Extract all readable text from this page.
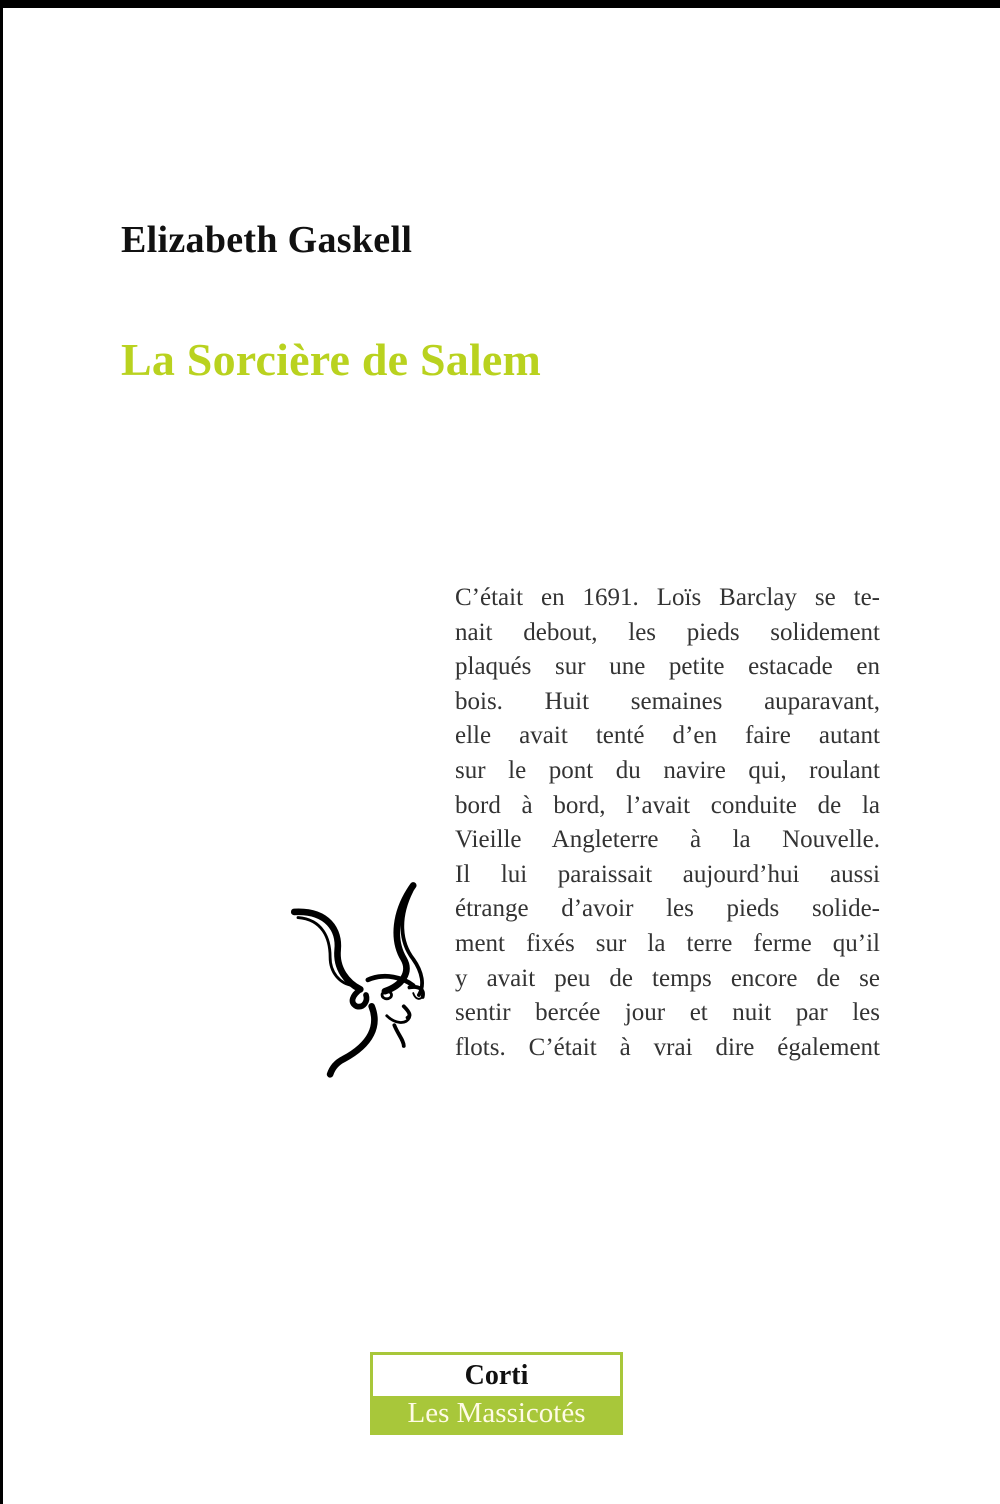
Elizabeth Gaskell
La Sorcière de Salem
C’était en 1691. Loïs Barclay se te-
nait debout, les pieds solidement
plaqués sur une petite estacade en
bois. Huit semaines auparavant,
elle avait tenté d’en faire autant
sur le pont du navire qui, roulant
bord à bord, l’avait conduite de la
Vieille Angleterre à la Nouvelle.
Il lui paraissait aujourd’hui aussi
étrange d’avoir les pieds solide-
ment fixés sur la terre ferme qu’il
y avait peu de temps encore de se
sentir bercée jour et nuit par les
flots. C’était à vrai dire également
Corti
Les Massicotés
